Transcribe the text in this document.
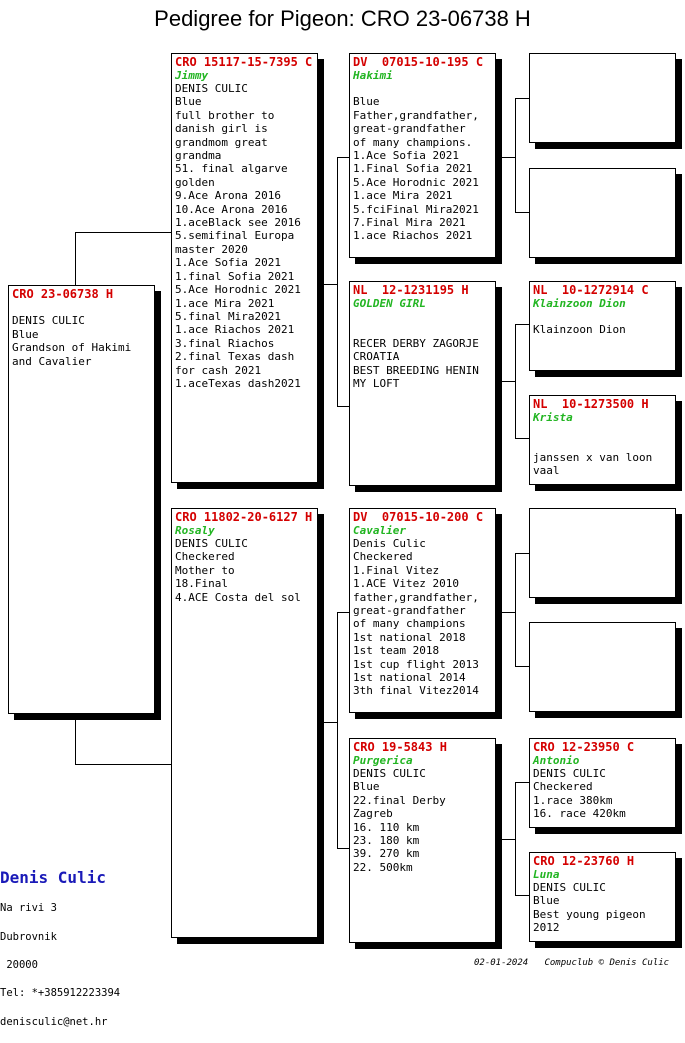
Pedigree for Pigeon: CRO 23-06738 H
CRO 23-06738 H
DENIS CULIC
Blue
Grandson of Hakimi
and Cavalier
CRO 15117-15-7395 C
Jimmy
DENIS CULIC
Blue
full brother to
danish girl is
grandmom great
grandma
51. final algarve
golden
9.Ace Arona 2016
10.Ace Arona 2016
1.aceBlack see 2016
5.semifinal Europa
master 2020
1.Ace Sofia 2021
1.final Sofia 2021
5.Ace Horodnic 2021
1.ace Mira 2021
5.final Mira2021
1.ace Riachos 2021
3.final Riachos
2.final Texas dash
for cash 2021
1.aceTexas dash2021
CRO 11802-20-6127 H
Rosaly
DENIS CULIC
Checkered
Mother to
18.Final
4.ACE Costa del sol
DV  07015-10-195 C
Hakimi
Blue
Father,grandfather,
great-grandfather
of many champions.
1.Ace Sofia 2021
1.Final Sofia 2021
5.Ace Horodnic 2021
1.ace Mira 2021
5.fciFinal Mira2021
7.Final Mira 2021
1.ace Riachos 2021
NL  12-1231195 H
GOLDEN GIRL
RECER DERBY ZAGORJE
CROATIA
BEST BREEDING HENIN
MY LOFT
DV  07015-10-200 C
Cavalier
Denis Culic
Checkered
1.Final Vitez
1.ACE Vitez 2010
father,grandfather,
great-grandfather
of many champions
1st national 2018
1st team 2018
1st cup flight 2013
1st national 2014
3th final Vitez2014
CRO 19-5843 H
Purgerica
DENIS CULIC
Blue
22.final Derby
Zagreb
16. 110 km
23. 180 km
39. 270 km
22. 500km
NL  10-1272914 C
Klainzoon Dion
Klainzoon Dion
NL  10-1273500 H
Krista
janssen x van loon
vaal
CRO 12-23950 C
Antonio
DENIS CULIC
Checkered
1.race 380km
16. race 420km
CRO 12-23760 H
Luna
DENIS CULIC
Blue
Best young pigeon
2012
Denis Culic

Na rivi 3

Dubrovnik

20000

Tel: *+385912223394

denisculic@net.hr

02-01-2024 Compuclub © Denis Culic
